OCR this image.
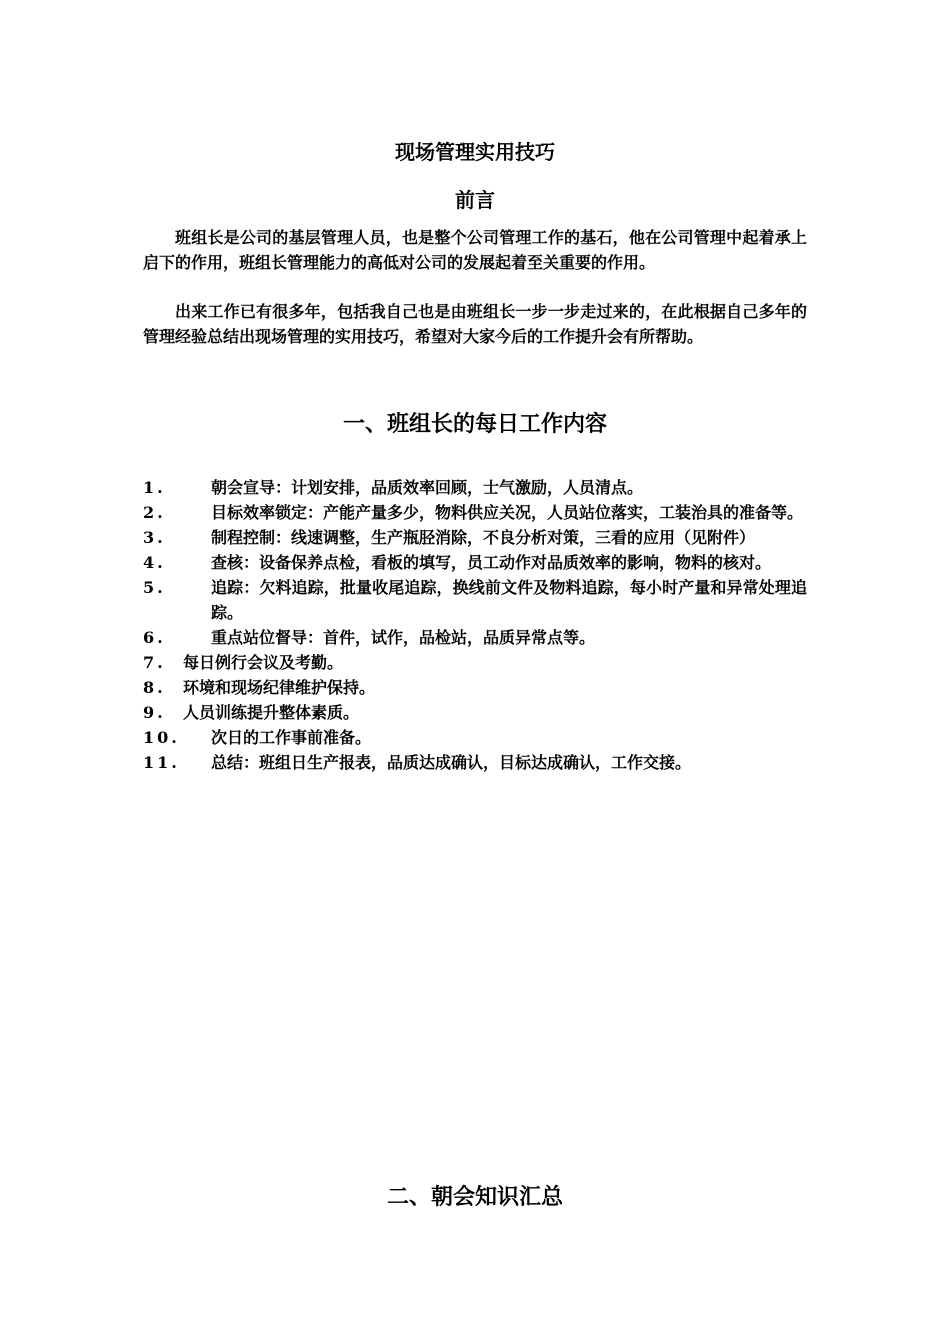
现场管理实用技巧
前言

班组长是公司的基层管理人员，也是整个公司管理工作的基石，他在公司管理中起着承上启下的作用，班组长管理能力的高低对公司的发展起着至关重要的作用。

出来工作已有很多年，包括我自己也是由班组长一步一步走过来的，在此根据自己多年的管理经验总结出现场管理的实用技巧，希望对大家今后的工作提升会有所帮助。

一、班组长的每日工作内容
1.	朝会宣导：计划安排，品质效率回顾，士气激励，人员清点。
2.	目标效率锁定：产能产量多少，物料供应关况，人员站位落实，工装治具的准备等。
3.	制程控制：线速调整，生产瓶胫消除，不良分析对策，三看的应用（见附件）
4.	查核：设备保养点检，看板的填写，员工动作对品质效率的影响，物料的核对。
5.	追踪：欠料追踪，批量收尾追踪，换线前文件及物料追踪，每小时产量和异常处理追踪。
6.	重点站位督导：首件，试作，品检站，品质异常点等。
7.	每日例行会议及考勤。
8.	环境和现场纪律维护保持。
9.	人员训练提升整体素质。
10.	次日的工作事前准备。
11.	总结：班组日生产报表，品质达成确认，目标达成确认，工作交接。
二、朝会知识汇总
